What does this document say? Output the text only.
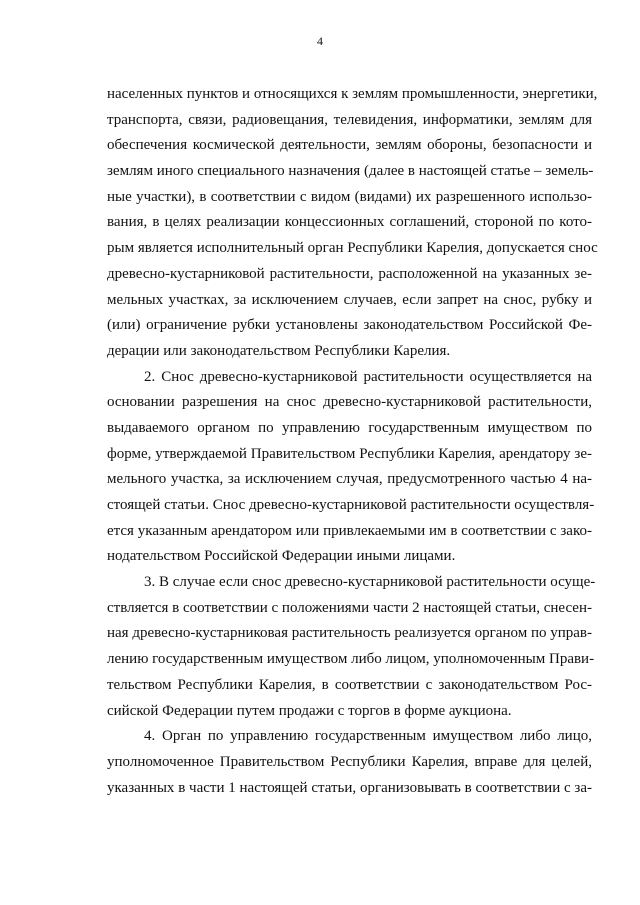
4
населенных пунктов и относящихся к землям промышленности, энергетики,
транспорта, связи, радиовещания, телевидения, информатики, землям для
обеспечения космической деятельности, землям обороны, безопасности и
землям иного специального назначения (далее в настоящей статье – земель-
ные участки), в соответствии с видом (видами) их разрешенного использо-
вания, в целях реализации концессионных соглашений, стороной по кото-
рым является исполнительный орган Республики Карелия, допускается снос
древесно-кустарниковой растительности, расположенной на указанных зе-
мельных участках, за исключением случаев, если запрет на снос, рубку и
(или) ограничение рубки установлены законодательством Российской Фе-
дерации или законодательством Республики Карелия.
2. Снос древесно-кустарниковой растительности осуществляется на
основании разрешения на снос древесно-кустарниковой растительности,
выдаваемого органом по управлению государственным имуществом по
форме, утверждаемой Правительством Республики Карелия, арендатору зе-
мельного участка, за исключением случая, предусмотренного частью 4 на-
стоящей статьи. Снос древесно-кустарниковой растительности осуществля-
ется указанным арендатором или привлекаемыми им в соответствии с зако-
нодательством Российской Федерации иными лицами.
3. В случае если снос древесно-кустарниковой растительности осуще-
ствляется в соответствии с положениями части 2 настоящей статьи, снесен-
ная древесно-кустарниковая растительность реализуется органом по управ-
лению государственным имуществом либо лицом, уполномоченным Прави-
тельством Республики Карелия, в соответствии с законодательством Рос-
сийской Федерации путем продажи с торгов в форме аукциона.
4. Орган по управлению государственным имуществом либо лицо,
уполномоченное Правительством Республики Карелия, вправе для целей,
указанных в части 1 настоящей статьи, организовывать в соответствии с за-
